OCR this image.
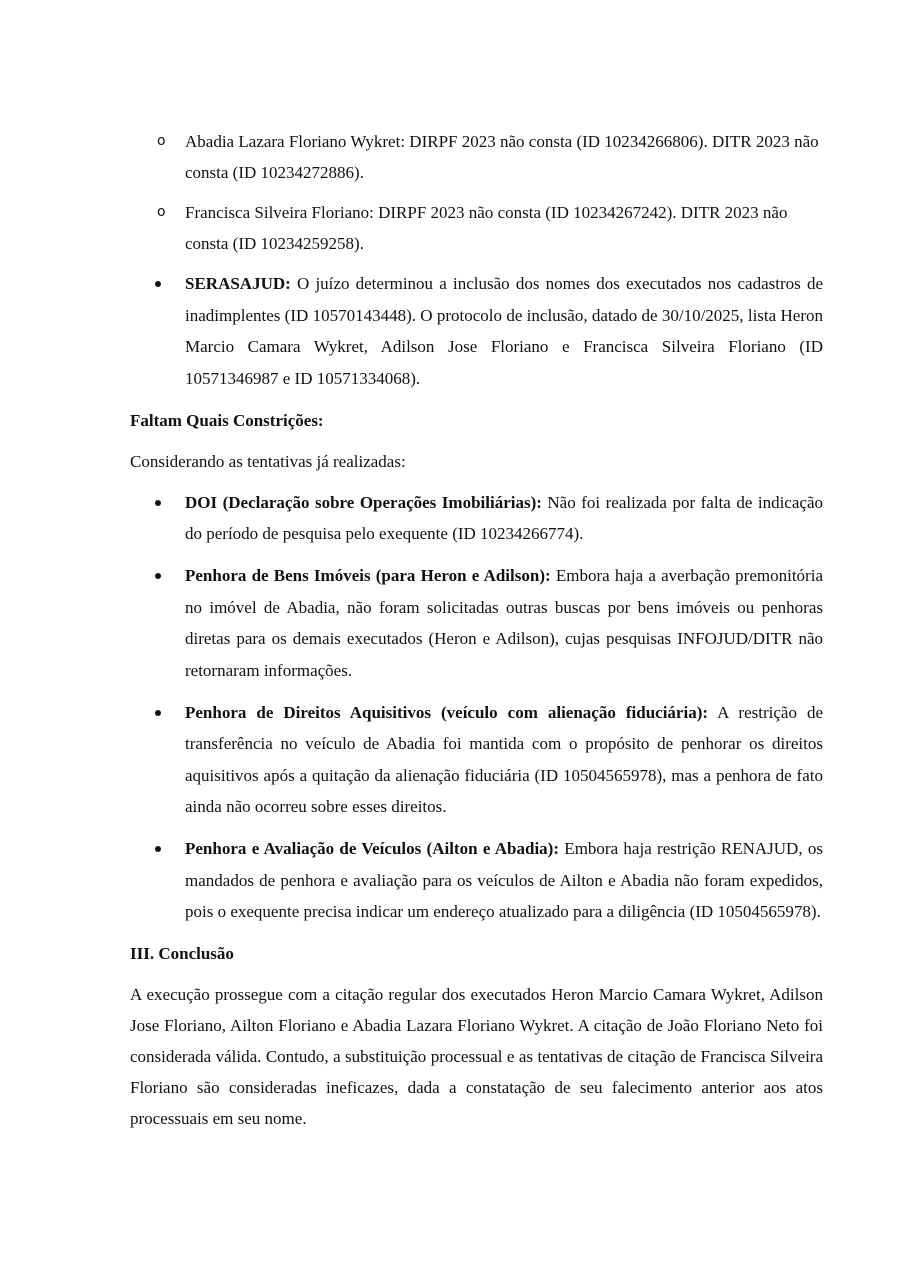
o Abadia Lazara Floriano Wykret: DIRPF 2023 não consta (ID 10234266806). DITR 2023 não consta (ID 10234272886).
o Francisca Silveira Floriano: DIRPF 2023 não consta (ID 10234267242). DITR 2023 não consta (ID 10234259258).
SERASAJUD: O juízo determinou a inclusão dos nomes dos executados nos cadastros de inadimplentes (ID 10570143448). O protocolo de inclusão, datado de 30/10/2025, lista Heron Marcio Camara Wykret, Adilson Jose Floriano e Francisca Silveira Floriano (ID 10571346987 e ID 10571334068).
Faltam Quais Constrições:
Considerando as tentativas já realizadas:
DOI (Declaração sobre Operações Imobiliárias): Não foi realizada por falta de indicação do período de pesquisa pelo exequente (ID 10234266774).
Penhora de Bens Imóveis (para Heron e Adilson): Embora haja a averbação premonitória no imóvel de Abadia, não foram solicitadas outras buscas por bens imóveis ou penhoras diretas para os demais executados (Heron e Adilson), cujas pesquisas INFOJUD/DITR não retornaram informações.
Penhora de Direitos Aquisitivos (veículo com alienação fiduciária): A restrição de transferência no veículo de Abadia foi mantida com o propósito de penhorar os direitos aquisitivos após a quitação da alienação fiduciária (ID 10504565978), mas a penhora de fato ainda não ocorreu sobre esses direitos.
Penhora e Avaliação de Veículos (Ailton e Abadia): Embora haja restrição RENAJUD, os mandados de penhora e avaliação para os veículos de Ailton e Abadia não foram expedidos, pois o exequente precisa indicar um endereço atualizado para a diligência (ID 10504565978).
III. Conclusão
A execução prossegue com a citação regular dos executados Heron Marcio Camara Wykret, Adilson Jose Floriano, Ailton Floriano e Abadia Lazara Floriano Wykret. A citação de João Floriano Neto foi considerada válida. Contudo, a substituição processual e as tentativas de citação de Francisca Silveira Floriano são consideradas ineficazes, dada a constatação de seu falecimento anterior aos atos processuais em seu nome.
